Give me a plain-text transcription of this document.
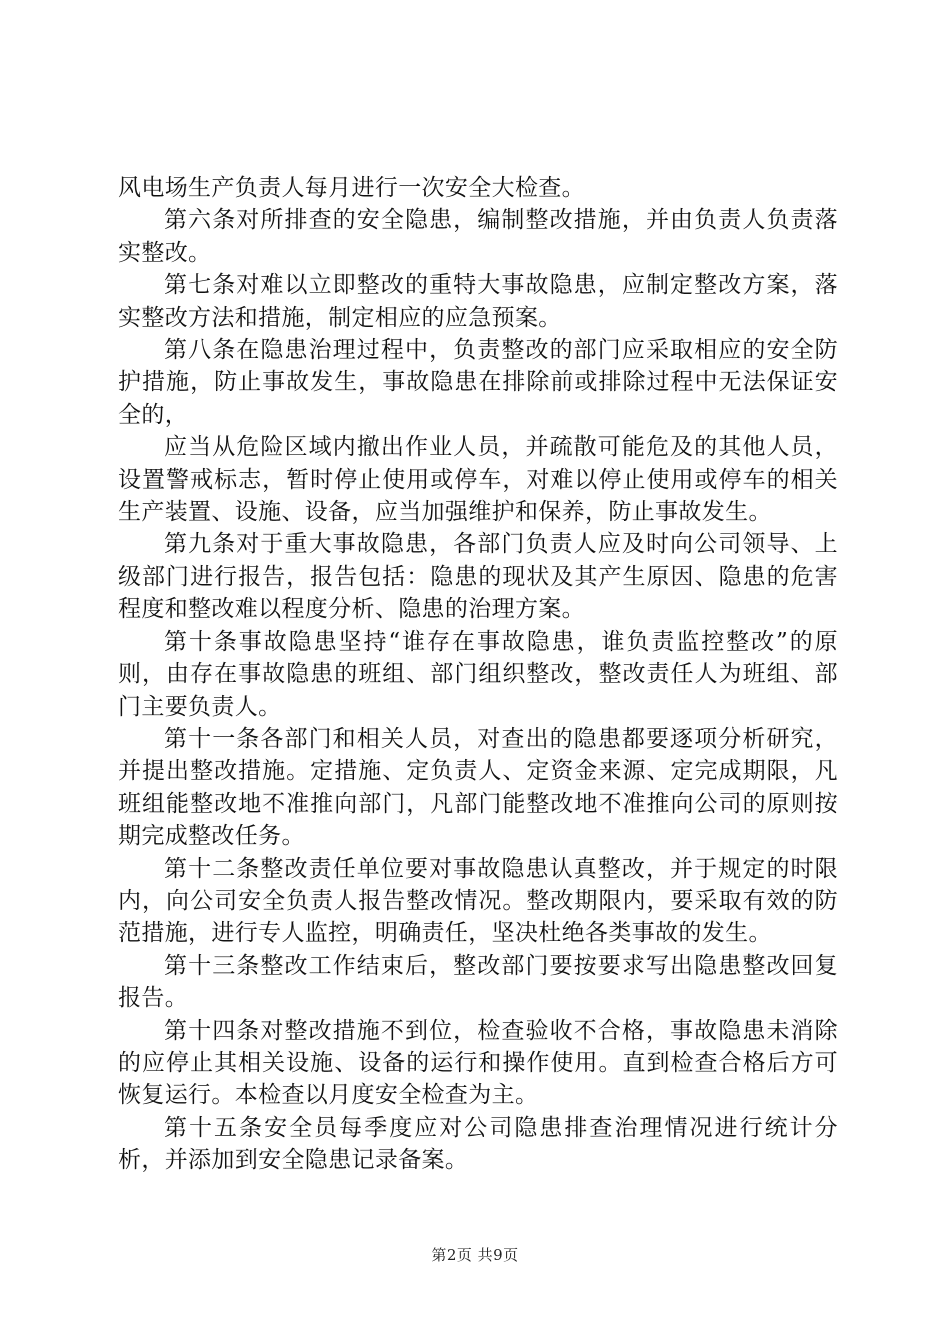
风电场生产负责人每月进行一次安全大检查。

第六条对所排查的安全隐患，编制整改措施，并由负责人负责落实整改。

第七条对难以立即整改的重特大事故隐患，应制定整改方案，落实整改方法和措施，制定相应的应急预案。

第八条在隐患治理过程中，负责整改的部门应采取相应的安全防护措施，防止事故发生，事故隐患在排除前或排除过程中无法保证安全的，

应当从危险区域内撤出作业人员，并疏散可能危及的其他人员，设置警戒标志，暂时停止使用或停车，对难以停止使用或停车的相关生产装置、设施、设备，应当加强维护和保养，防止事故发生。

第九条对于重大事故隐患，各部门负责人应及时向公司领导、上级部门进行报告，报告包括：隐患的现状及其产生原因、隐患的危害程度和整改难以程度分析、隐患的治理方案。

第十条事故隐患坚持“谁存在事故隐患，谁负责监控整改”的原则，由存在事故隐患的班组、部门组织整改，整改责任人为班组、部门主要负责人。

第十一条各部门和相关人员，对查出的隐患都要逐项分析研究，并提出整改措施。定措施、定负责人、定资金来源、定完成期限，凡班组能整改地不准推向部门，凡部门能整改地不准推向公司的原则按期完成整改任务。

第十二条整改责任单位要对事故隐患认真整改，并于规定的时限内，向公司安全负责人报告整改情况。整改期限内，要采取有效的防范措施，进行专人监控，明确责任，坚决杜绝各类事故的发生。

第十三条整改工作结束后，整改部门要按要求写出隐患整改回复报告。

第十四条对整改措施不到位，检查验收不合格，事故隐患未消除的应停止其相关设施、设备的运行和操作使用。直到检查合格后方可恢复运行。本检查以月度安全检查为主。

第十五条安全员每季度应对公司隐患排查治理情况进行统计分析，并添加到安全隐患记录备案。

第2页 共9页
